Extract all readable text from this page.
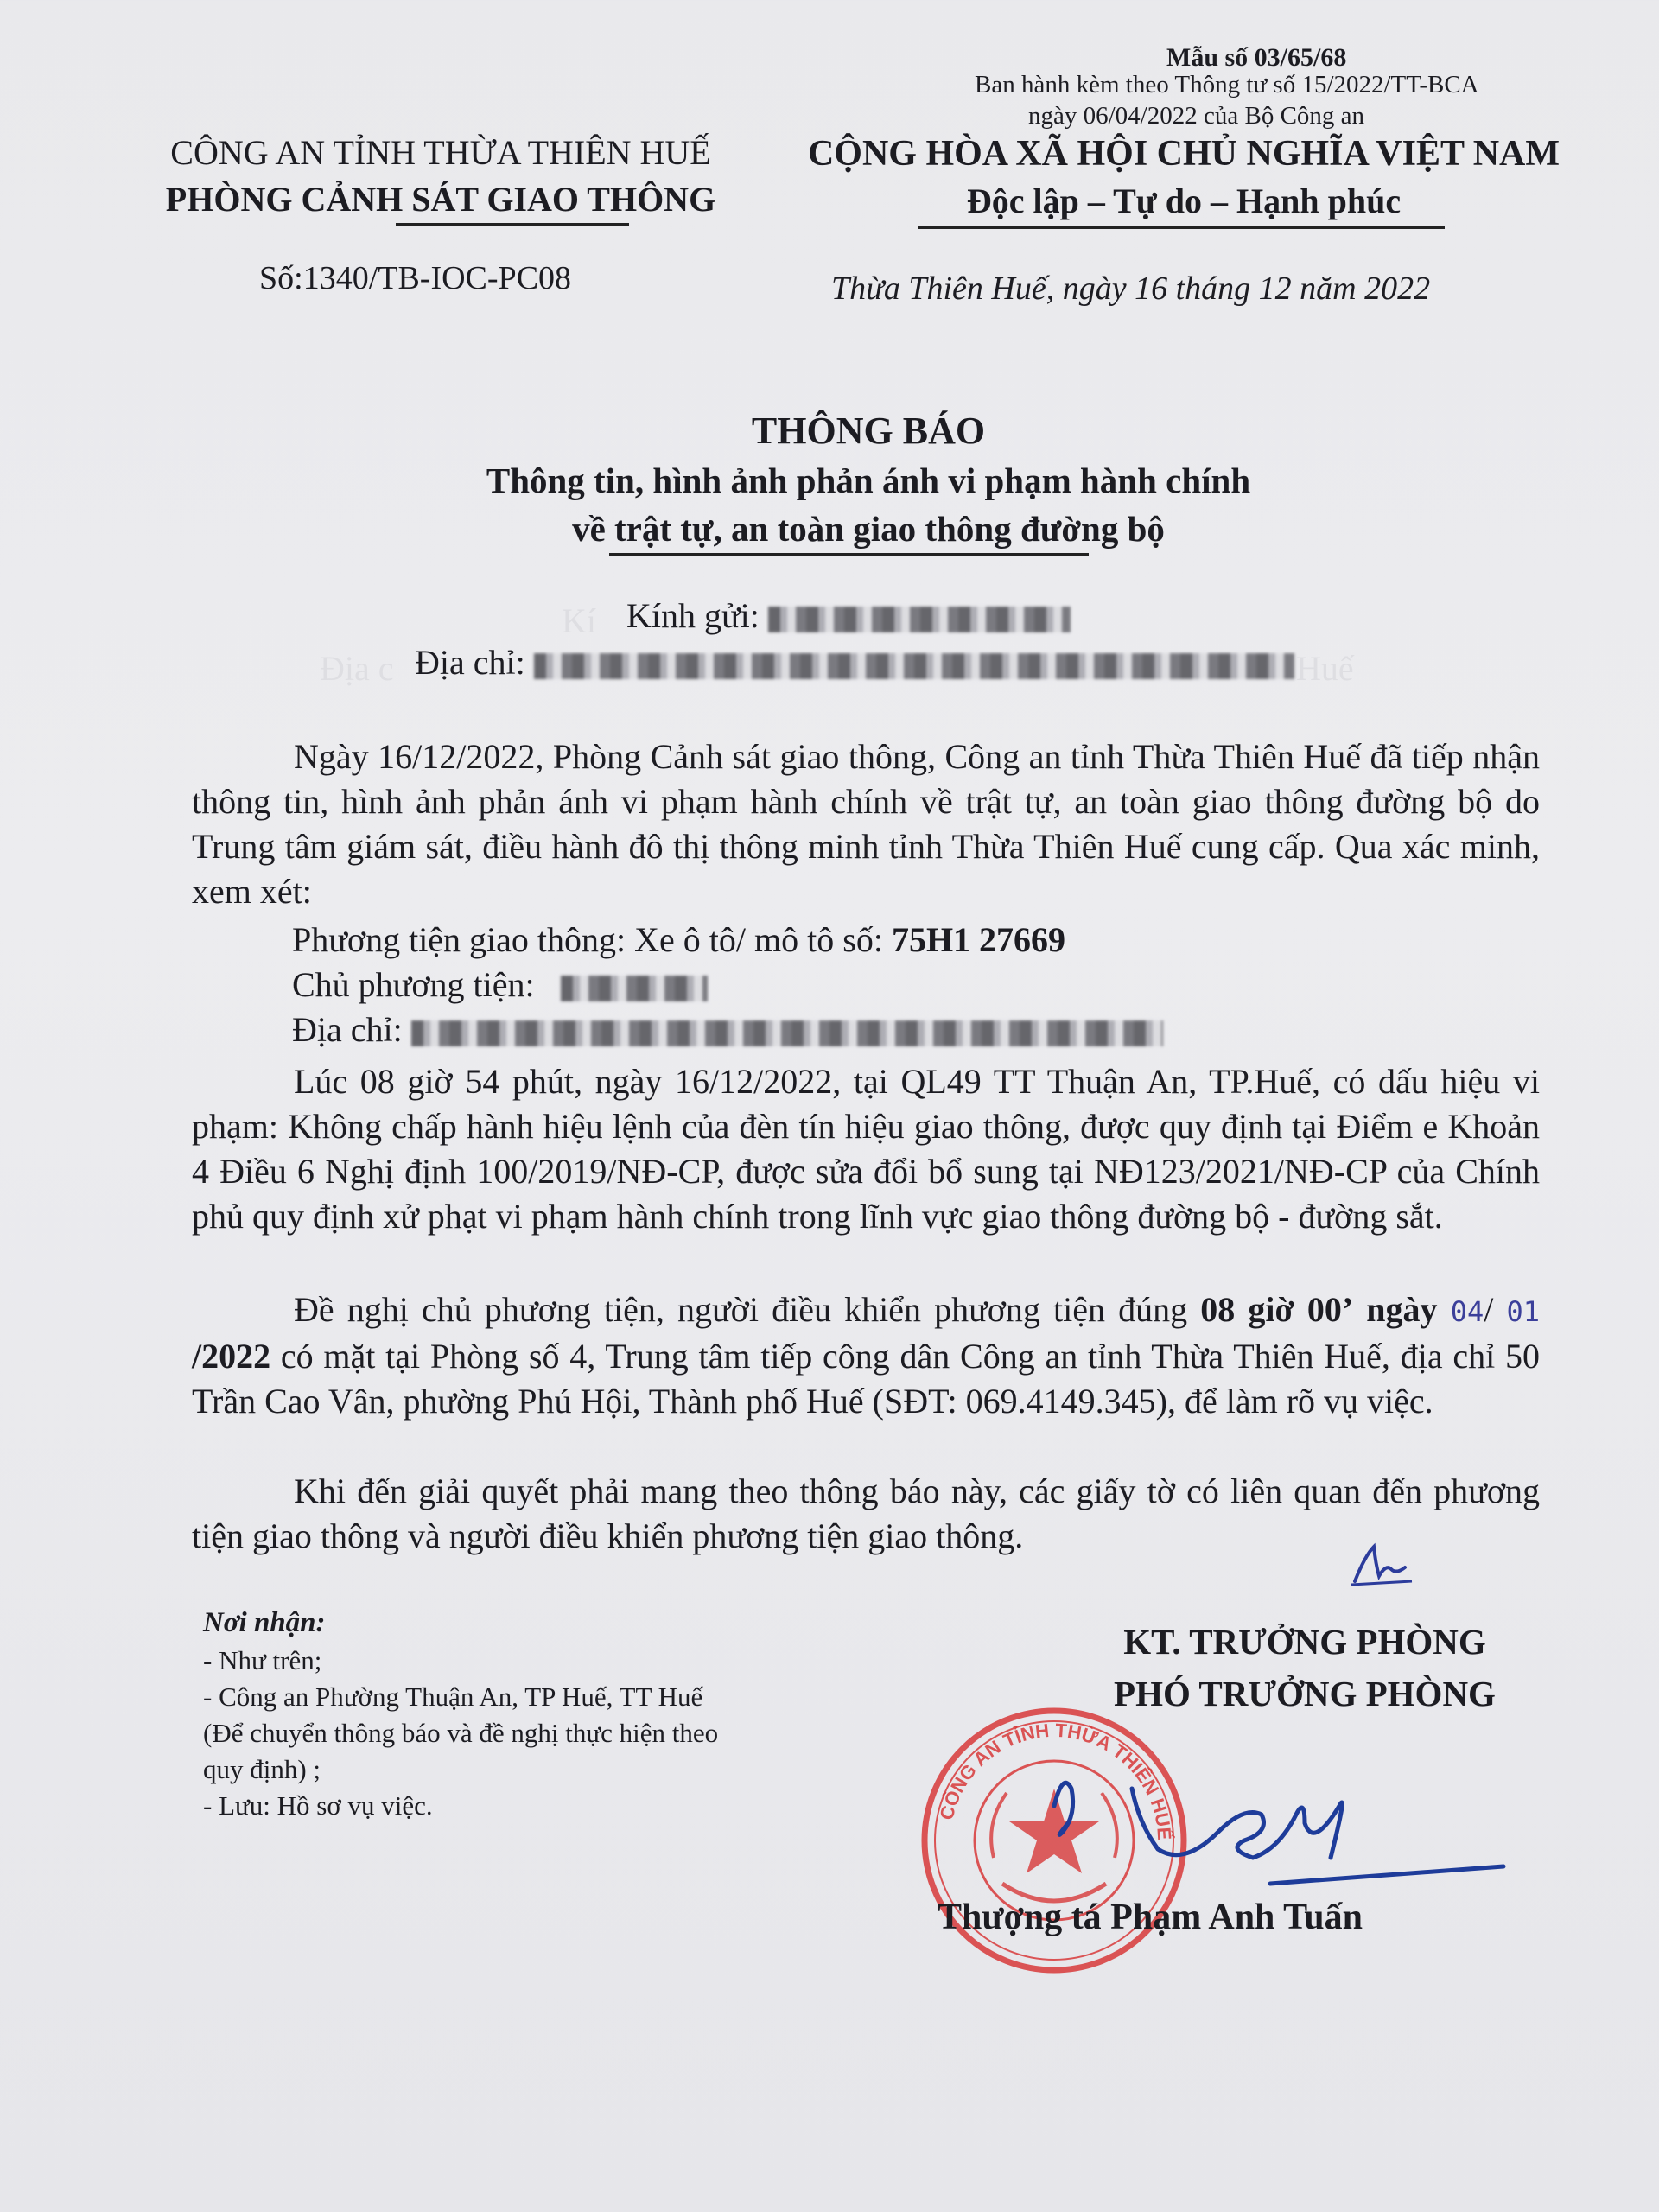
Kí
Địa c	Huế
Mẫu số 03/65/68
Ban hành kèm theo Thông tư số 15/2022/TT-BCA
ngày 06/04/2022 của Bộ Công an
CÔNG AN TỈNH THỪA THIÊN HUẾ
PHÒNG CẢNH SÁT GIAO THÔNG
CỘNG HÒA XÃ HỘI CHỦ NGHĨA VIỆT NAM
Độc lập – Tự do – Hạnh phúc
Số:1340/TB-IOC-PC08	Thừa Thiên Huế, ngày 16 tháng 12 năm 2022
THÔNG BÁO
Thông tin, hình ảnh phản ánh vi phạm hành chính
về trật tự, an toàn giao thông đường bộ
Kính gửi:
Địa chỉ:
Ngày 16/12/2022, Phòng Cảnh sát giao thông, Công an tỉnh Thừa Thiên Huế đã tiếp nhận thông tin, hình ảnh phản ánh vi phạm hành chính về trật tự, an toàn giao thông đường bộ do Trung tâm giám sát, điều hành đô thị thông minh tỉnh Thừa Thiên Huế cung cấp. Qua xác minh, xem xét:
Phương tiện giao thông: Xe ô tô/ mô tô số: 75H1 27669
Chủ phương tiện:
Địa chỉ:
Lúc 08 giờ 54 phút, ngày 16/12/2022, tại QL49 TT Thuận An, TP.Huế, có dấu hiệu vi phạm: Không chấp hành hiệu lệnh của đèn tín hiệu giao thông, được quy định tại Điểm e Khoản 4 Điều 6 Nghị định 100/2019/NĐ-CP, được sửa đổi bổ sung tại NĐ123/2021/NĐ-CP của Chính phủ quy định xử phạt vi phạm hành chính trong lĩnh vực giao thông đường bộ - đường sắt.
Đề nghị chủ phương tiện, người điều khiển phương tiện đúng 08 giờ 00’ ngày 04/ 01 /2022 có mặt tại Phòng số 4, Trung tâm tiếp công dân Công an tỉnh Thừa Thiên Huế, địa chỉ 50 Trần Cao Vân, phường Phú Hội, Thành phố Huế (SĐT: 069.4149.345), để làm rõ vụ việc.
Khi đến giải quyết phải mang theo thông báo này, các giấy tờ có liên quan đến phương tiện giao thông và người điều khiển phương tiện giao thông.
Nơi nhận:
- Như trên;
- Công an Phường Thuận An, TP Huế, TT Huế
(Để chuyển thông báo và đề nghị thực hiện theo
quy định) ;
- Lưu: Hồ sơ vụ việc.
KT. TRƯỞNG PHÒNG
PHÓ TRƯỞNG PHÒNG
CÔNG AN TỈNH THỪA THIÊN HUẾ
Thượng tá Phạm Anh Tuấn
